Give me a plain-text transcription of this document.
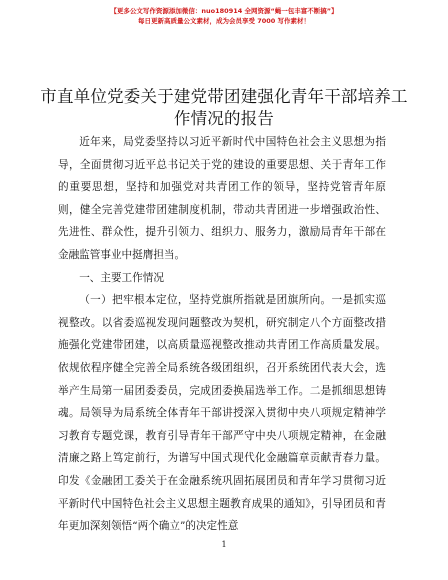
【更多公文写作资源添加微信：nuo180914 全网资源“蝇一包丰富不断搞”】
每日更新高质量公文素材，成为会员享受 7000 写作素材！
市直单位党委关于建党带团建强化青年干部培养工作情况的报告

近年来，局党委坚持以习近平新时代中国特色社会主义思想为指导，全面贯彻习近平总书记关于党的建设的重要思想、关于青年工作的重要思想，坚持和加强党对共青团工作的领导，坚持党管青年原则，健全完善党建带团建制度机制，带动共青团进一步增强政治性、先进性、群众性，提升引领力、组织力、服务力，激励局青年干部在金融监管事业中挺膺担当。

一、主要工作情况

（一）把牢根本定位，坚持党旗所指就是团旗所向。一是抓实巡视整改。以省委巡视发现问题整改为契机，研究制定八个方面整改措施强化党建带团建，以高质量巡视整改推动共青团工作高质量发展。依规依程序健全完善全局系统各级团组织，召开系统团代表大会，选举产生局第一届团委委员，完成团委换届选举工作。二是抓细思想铸魂。局领导为局系统全体青年干部讲授深入贯彻中央八项规定精神学习教育专题党课，教育引导青年干部严守中央八项规定精神，在金融清廉之路上笃定前行，为谱写中国式现代化金融篇章贡献青春力量。印发《金融团工委关于在金融系统巩固拓展团员和青年学习贯彻习近平新时代中国特色社会主义思想主题教育成果的通知》，引导团员和青年更加深刻领悟“两个确立”的决定性意

1
